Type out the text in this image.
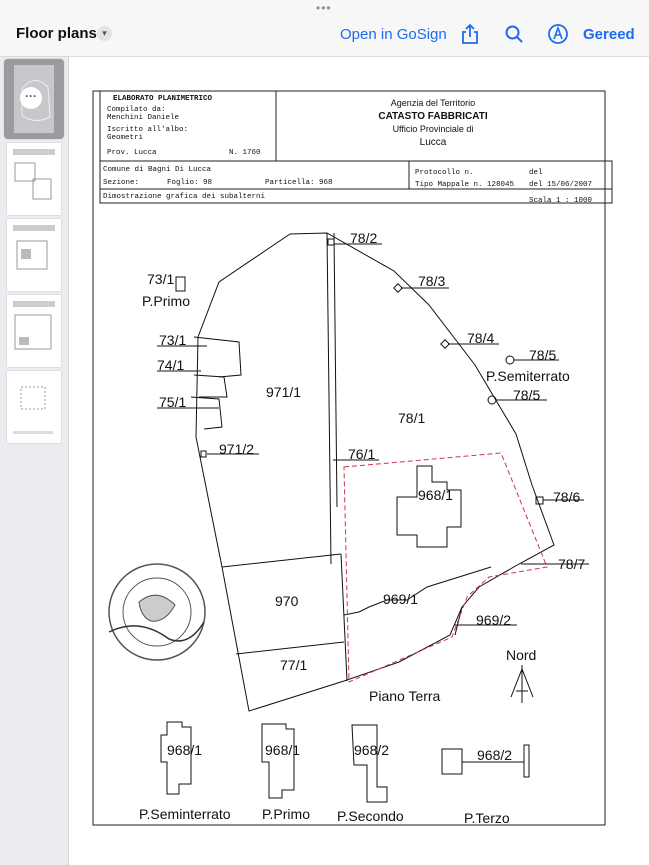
•••
Floor plans ▾	Open in GoSign	Gereed
···	ELABORATO PLANIMETRICO
Compilato da:
Menchini Daniele
Iscritto all'albo:
Geometri
Prov. Lucca	N. 1760
Agenzia del Territorio
CATASTO FABBRICATI
Ufficio Provinciale di
Lucca
Comune di Bagni Di Lucca
Sezione:	Foglio: 98	Particella: 968
Protocollo n.	del
Tipo Mappale n. 128045 del 15/06/2007
Dimostrazione grafica dei subalterni	Scala 1 : 1000
78/2
78/3
78/4
78/5
P.Semiterrato
78/5
73/1
P.Primo
73/1
74/1
75/1
971/1
971/2
78/1
76/1
968/1	78/6
78/7
970	969/1
969/2
77/1
Nord
Piano Terra
968/1	968/1	968/2	968/2
P.Seminterrato P.Primo P.Secondo	P.Terzo
